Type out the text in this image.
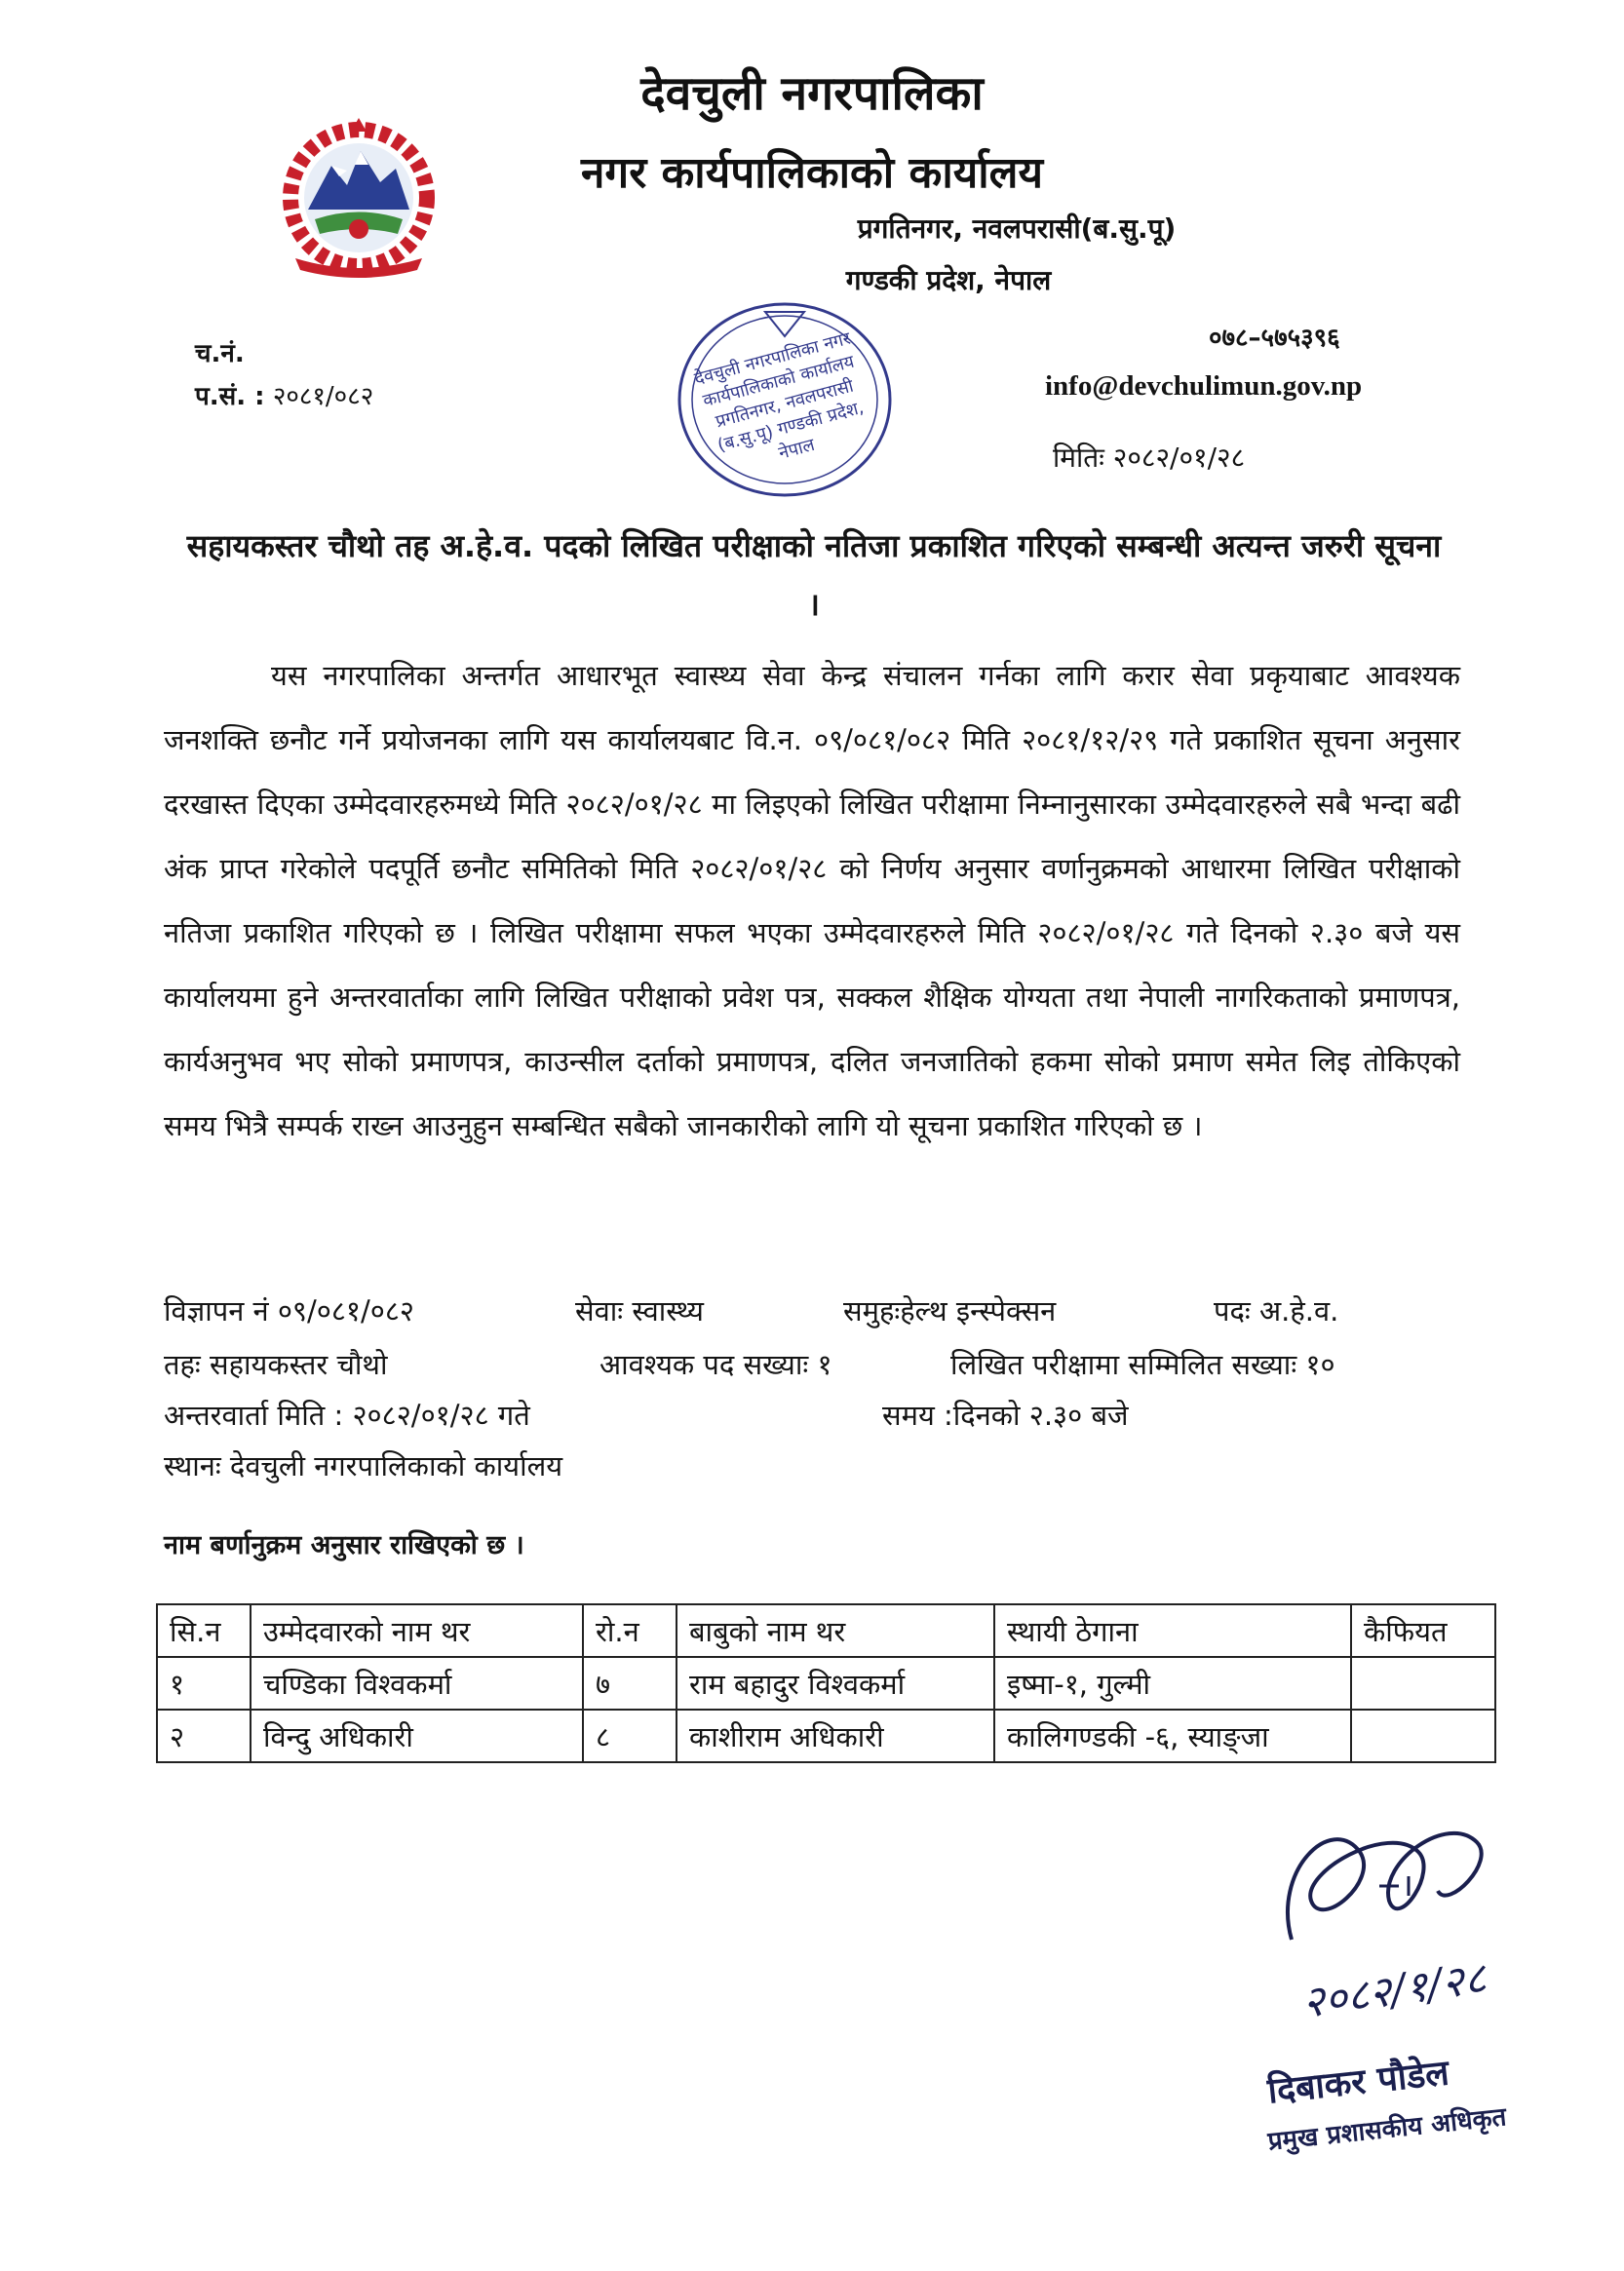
देवचुली नगरपालिका
नगर कार्यपालिकाको कार्यालय
प्रगतिनगर, नवलपरासी(ब.सु.पू)
गण्डकी प्रदेश, नेपाल
च.नं.
प.सं. : २०८१/०८२
०७८–५७५३९६
info@devchulimun.gov.np
मितिः २०८२/०१/२८
देवचुली नगरपालिका नगर कार्यपालिकाको कार्यालय प्रगतिनगर, नवलपरासी (ब.सु.पू) गण्डकी प्रदेश, नेपाल
सहायकस्तर चौथो तह अ.हे.व. पदको लिखित परीक्षाको नतिजा प्रकाशित गरिएको सम्बन्धी अत्यन्त जरुरी सूचना ।

यस नगरपालिका अन्तर्गत आधारभूत स्वास्थ्य सेवा केन्द्र संचालन गर्नका लागि करार सेवा प्रकृयाबाट आवश्यक जनशक्ति छनौट गर्ने प्रयोजनका लागि यस कार्यालयबाट वि.न. ०९/०८१/०८२ मिति २०८१/१२/२९ गते प्रकाशित सूचना अनुसार दरखास्त दिएका उम्मेदवारहरुमध्ये मिति २०८२/०१/२८ मा लिइएको लिखित परीक्षामा निम्नानुसारका उम्मेदवारहरुले सबै भन्दा बढी अंक प्राप्त गरेकोले पदपूर्ति छनौट समितिको मिति २०८२/०१/२८ को निर्णय अनुसार वर्णानुक्रमको आधारमा लिखित परीक्षाको नतिजा प्रकाशित गरिएको छ । लिखित परीक्षामा सफल भएका उम्मेदवारहरुले मिति २०८२/०१/२८ गते दिनको २.३० बजे यस कार्यालयमा हुने अन्तरवार्ताका लागि लिखित परीक्षाको प्रवेश पत्र, सक्कल शैक्षिक योग्यता तथा नेपाली नागरिकताको प्रमाणपत्र, कार्यअनुभव भए सोको प्रमाणपत्र, काउन्सील दर्ताको प्रमाणपत्र, दलित जनजातिको हकमा सोको प्रमाण समेत लिइ तोकिएको समय भित्रै सम्पर्क राख्न आउनुहुन सम्बन्धित सबैको जानकारीको लागि यो सूचना प्रकाशित गरिएको छ ।

विज्ञापन नं ०९/०८१/०८२	सेवाः स्वास्थ्य	समुहःहेल्थ इन्स्पेक्सन	पदः अ.हे.व.
तहः सहायकस्तर चौथो	आवश्यक पद सख्याः १	लिखित परीक्षामा सम्मिलित सख्याः १०
अन्तरवार्ता मिति : २०८२/०१/२८ गते	समय :दिनको २.३० बजे
स्थानः देवचुली नगरपालिकाको कार्यालय
नाम बर्णानुक्रम अनुसार राखिएको छ ।
सि.न	उम्मेदवारको नाम थर	रो.न	बाबुको नाम थर	स्थायी ठेगाना	कैफियत
१	चण्डिका विश्वकर्मा	७	राम बहादुर विश्वकर्मा	इष्मा-१, गुल्मी	
२	विन्दु अधिकारी	८	काशीराम अधिकारी	कालिगण्डकी -६, स्याङ्जा	
२०८२/१/२८
दिबाकर पौडेल
प्रमुख प्रशासकीय अधिकृत
